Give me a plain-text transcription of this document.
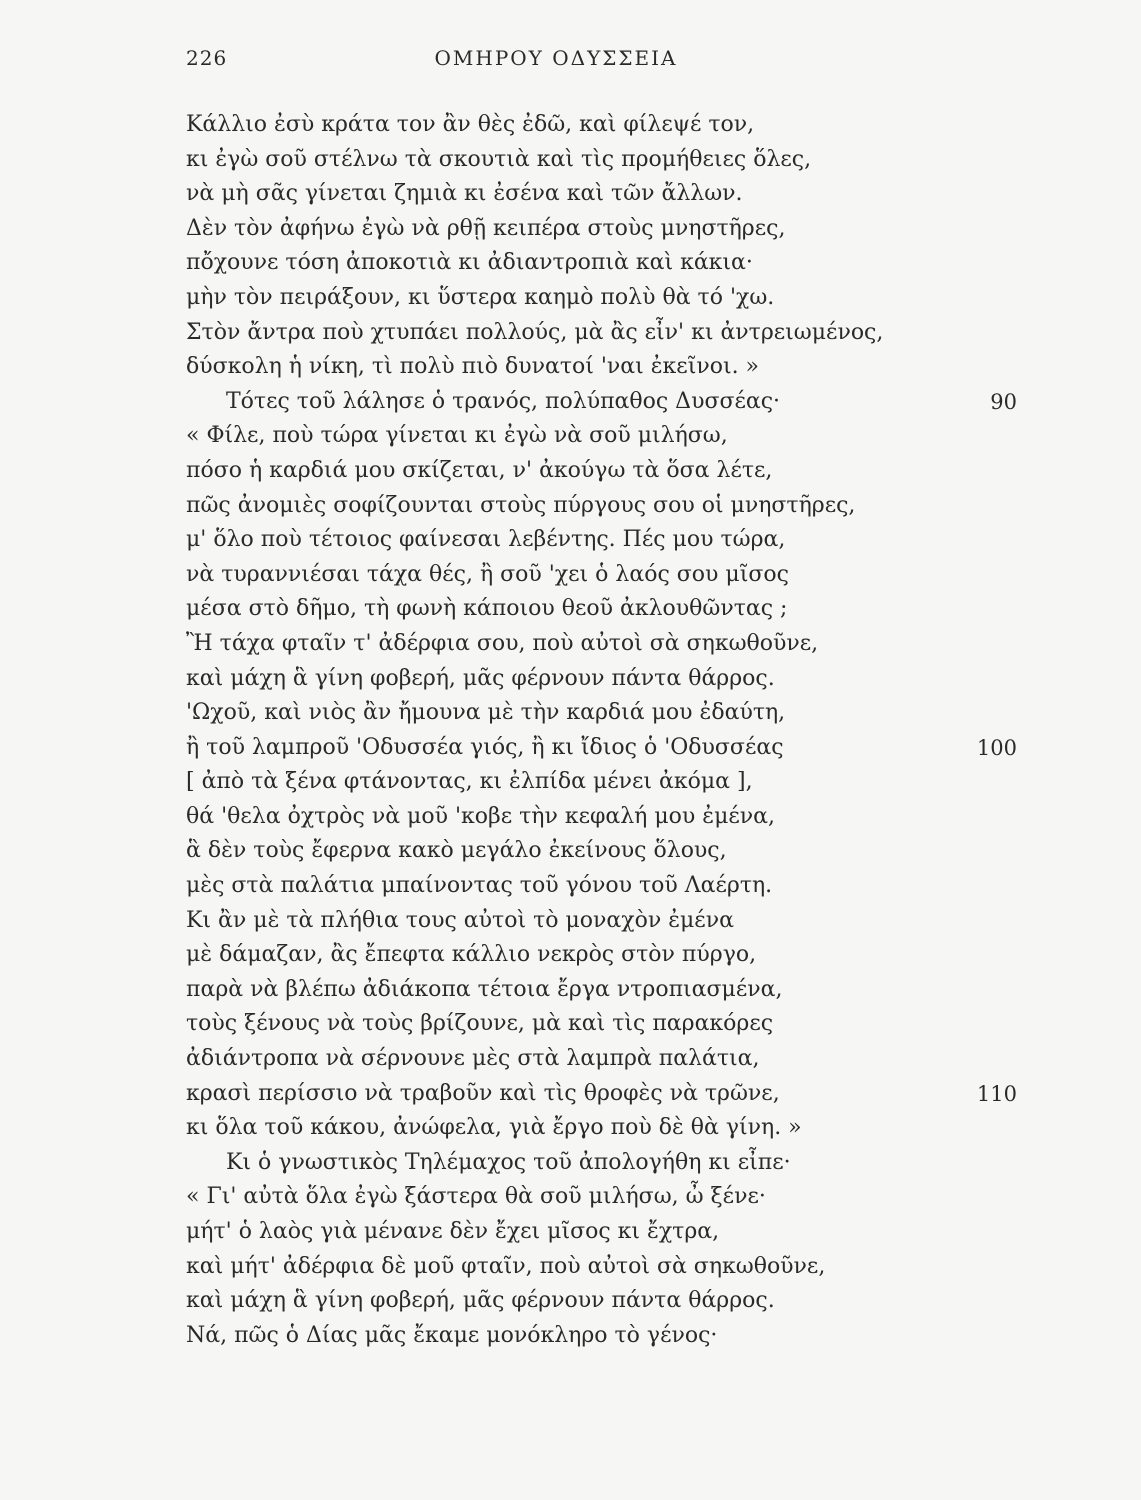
226	ΟΜΗΡΟΥ ΟΔΥΣΣΕΙΑ
Κάλλιο ἐσὺ κράτα τον ἂν θὲς ἐδῶ, καὶ φίλεψέ τον,
κι ἐγὼ σοῦ στέλνω τὰ σκουτιὰ καὶ τὶς προμήθειες ὅλες,
νὰ μὴ σᾶς γίνεται ζημιὰ κι ἐσένα καὶ τῶν ἄλλων.
Δὲν τὸν ἀφήνω ἐγὼ νὰ ρθῇ κειπέρα στοὺς μνηστῆρες,
πὄχουνε τόση ἀποκοτιὰ κι ἀδιαντροπιὰ καὶ κάκια·
μὴν τὸν πειράξουν, κι ὕστερα καημὸ πολὺ θὰ τό 'χω.
Στὸν ἄντρα ποὺ χτυπάει πολλούς, μὰ ἂς εἶν' κι ἀντρειωμένος,
δύσκολη ἡ νίκη, τὶ πολὺ πιὸ δυνατοί 'ναι ἐκεῖνοι. »
Τότες τοῦ λάλησε ὁ τρανός, πολύπαθος Δυσσέας·	90
« Φίλε, ποὺ τώρα γίνεται κι ἐγὼ νὰ σοῦ μιλήσω,
πόσο ἡ καρδιά μου σκίζεται, ν' ἀκούγω τὰ ὅσα λέτε,
πῶς ἀνομιὲς σοφίζουνται στοὺς πύργους σου οἱ μνηστῆρες,
μ' ὅλο ποὺ τέτοιος φαίνεσαι λεβέντης. Πές μου τώρα,
νὰ τυραννιέσαι τάχα θές, ἢ σοῦ 'χει ὁ λαός σου μῖσος
μέσα στὸ δῆμο, τὴ φωνὴ κάποιου θεοῦ ἀκλουθῶντας ;
Ἢ τάχα φταῖν τ' ἀδέρφια σου, ποὺ αὐτοὶ σὰ σηκωθοῦνε,
καὶ μάχη ἃ γίνη φοβερή, μᾶς φέρνουν πάντα θάρρος.
'Ωχοῦ, καὶ νιὸς ἂν ἤμουνα μὲ τὴν καρδιά μου ἐδαύτη,
ἢ τοῦ λαμπροῦ 'Οδυσσέα γιός, ἢ κι ἴδιος ὁ 'Οδυσσέας	100
[ ἀπὸ τὰ ξένα φτάνοντας, κι ἐλπίδα μένει ἀκόμα ],
θά 'θελα ὀχτρὸς νὰ μοῦ 'κοβε τὴν κεφαλή μου ἐμένα,
ἃ δὲν τοὺς ἔφερνα κακὸ μεγάλο ἐκείνους ὅλους,
μὲς στὰ παλάτια μπαίνοντας τοῦ γόνου τοῦ Λαέρτη.
Κι ἂν μὲ τὰ πλήθια τους αὐτοὶ τὸ μοναχὸν ἐμένα
μὲ δάμαζαν, ἂς ἔπεφτα κάλλιο νεκρὸς στὸν πύργο,
παρὰ νὰ βλέπω ἀδιάκοπα τέτοια ἔργα ντροπιασμένα,
τοὺς ξένους νὰ τοὺς βρίζουνε, μὰ καὶ τὶς παρακόρες
ἀδιάντροπα νὰ σέρνουνε μὲς στὰ λαμπρὰ παλάτια,
κρασὶ περίσσιο νὰ τραβοῦν καὶ τὶς θροφὲς νὰ τρῶνε,	110
κι ὅλα τοῦ κάκου, ἀνώφελα, γιὰ ἔργο ποὺ δὲ θὰ γίνη. »
Κι ὁ γνωστικὸς Τηλέμαχος τοῦ ἀπολογήθη κι εἶπε·
« Γι' αὐτὰ ὅλα ἐγὼ ξάστερα θὰ σοῦ μιλήσω, ὦ ξένε·
μήτ' ὁ λαὸς γιὰ μένανε δὲν ἔχει μῖσος κι ἔχτρα,
καὶ μήτ' ἀδέρφια δὲ μοῦ φταῖν, ποὺ αὐτοὶ σὰ σηκωθοῦνε,
καὶ μάχη ἃ γίνη φοβερή, μᾶς φέρνουν πάντα θάρρος.
Νά, πῶς ὁ Δίας μᾶς ἔκαμε μονόκληρο τὸ γένος·
